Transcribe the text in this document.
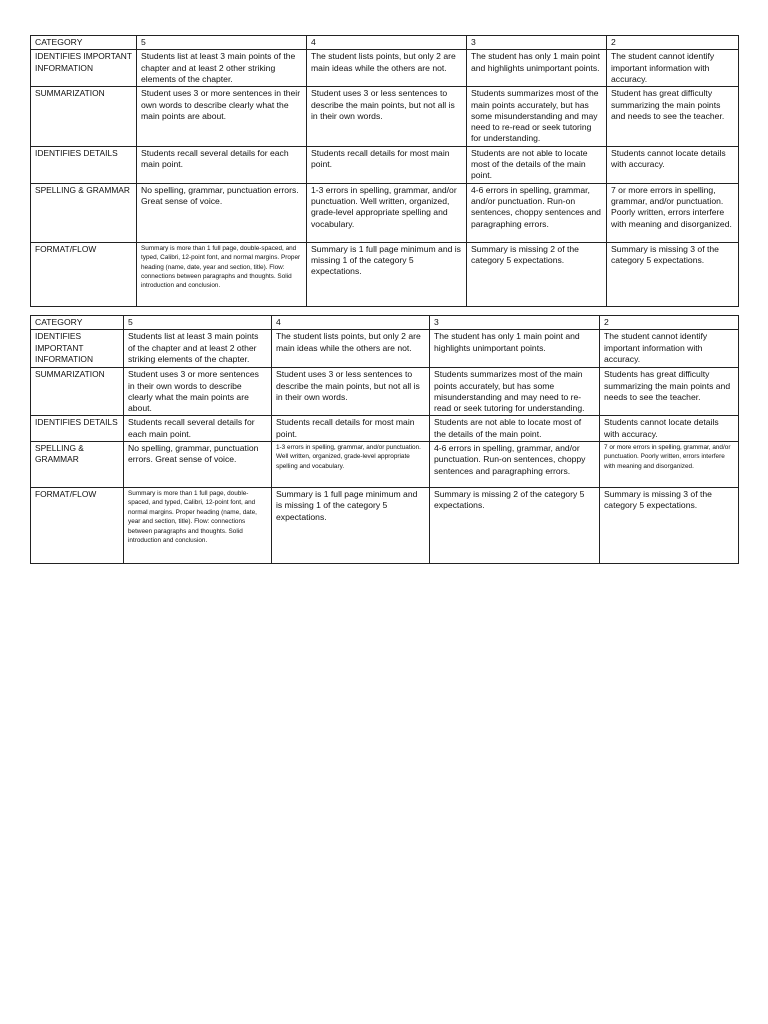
CATEGORY	5	4	3	2
IDENTIFIES IMPORTANT INFORMATION	Students list at least 3 main points of the chapter and at least 2 other striking elements of the chapter.	The student lists points, but only 2 are main ideas while the others are not.	The student has only 1 main point and highlights unimportant points.	The student cannot identify important information with accuracy.
SUMMARIZATION	Student uses 3 or more sentences in their own words to describe clearly what the main points are about.	Student uses 3 or less sentences to describe the main points, but not all is in their own words.	Students summarizes most of the main points accurately, but has some misunderstanding and may need to re-read or seek tutoring for understanding.	Student has great difficulty summarizing the main points and needs to see the teacher.
IDENTIFIES DETAILS	Students recall several details for each main point.	Students recall details for most main point.	Students are not able to locate most of the details of the main point.	Students cannot locate details with accuracy.
SPELLING & GRAMMAR	No spelling, grammar, punctuation errors. Great sense of voice.	1-3 errors in spelling, grammar, and/or punctuation. Well written, organized, grade-level appropriate spelling and vocabulary.	4-6 errors in spelling, grammar, and/or punctuation. Run-on sentences, choppy sentences and paragraphing errors.	7 or more errors in spelling, grammar, and/or punctuation. Poorly written, errors interfere with meaning and disorganized.
FORMAT/FLOW	Summary is more than 1 full page, double-spaced, and typed, Calibri, 12-point font, and normal margins. Proper heading (name, date, year and section, title). Flow: connections between paragraphs and thoughts. Solid introduction and conclusion.	Summary is 1 full page minimum and is missing 1 of the category 5 expectations.	Summary is missing 2 of the category 5 expectations.	Summary is missing 3 of the category 5 expectations.
CATEGORY	5	4	3	2
IDENTIFIES IMPORTANT INFORMATION	Students list at least 3 main points of the chapter and at least 2 other striking elements of the chapter.	The student lists points, but only 2 are main ideas while the others are not.	The student has only 1 main point and highlights unimportant points.	The student cannot identify important information with accuracy.
SUMMARIZATION	Student uses 3 or more sentences in their own words to describe clearly what the main points are about.	Student uses 3 or less sentences to describe the main points, but not all is in their own words.	Students summarizes most of the main points accurately, but has some misunderstanding and may need to re-read or seek tutoring for understanding.	Students has great difficulty summarizing the main points and needs to see the teacher.
IDENTIFIES DETAILS	Students recall several details for each main point.	Students recall details for most main point.	Students are not able to locate most of the details of the main point.	Students cannot locate details with accuracy.
SPELLING & GRAMMAR	No spelling, grammar, punctuation errors. Great sense of voice.	1-3 errors in spelling, grammar, and/or punctuation. Well written, organized, grade-level appropriate spelling and vocabulary.	4-6 errors in spelling, grammar, and/or punctuation. Run-on sentences, choppy sentences and paragraphing errors.	7 or more errors in spelling, grammar, and/or punctuation. Poorly written, errors interfere with meaning and disorganized.
FORMAT/FLOW	Summary is more than 1 full page, double-spaced, and typed, Calibri, 12-point font, and normal margins. Proper heading (name, date, year and section, title). Flow: connections between paragraphs and thoughts. Solid introduction and conclusion.	Summary is 1 full page minimum and is missing 1 of the category 5 expectations.	Summary is missing 2 of the category 5 expectations.	Summary is missing 3 of the category 5 expectations.
